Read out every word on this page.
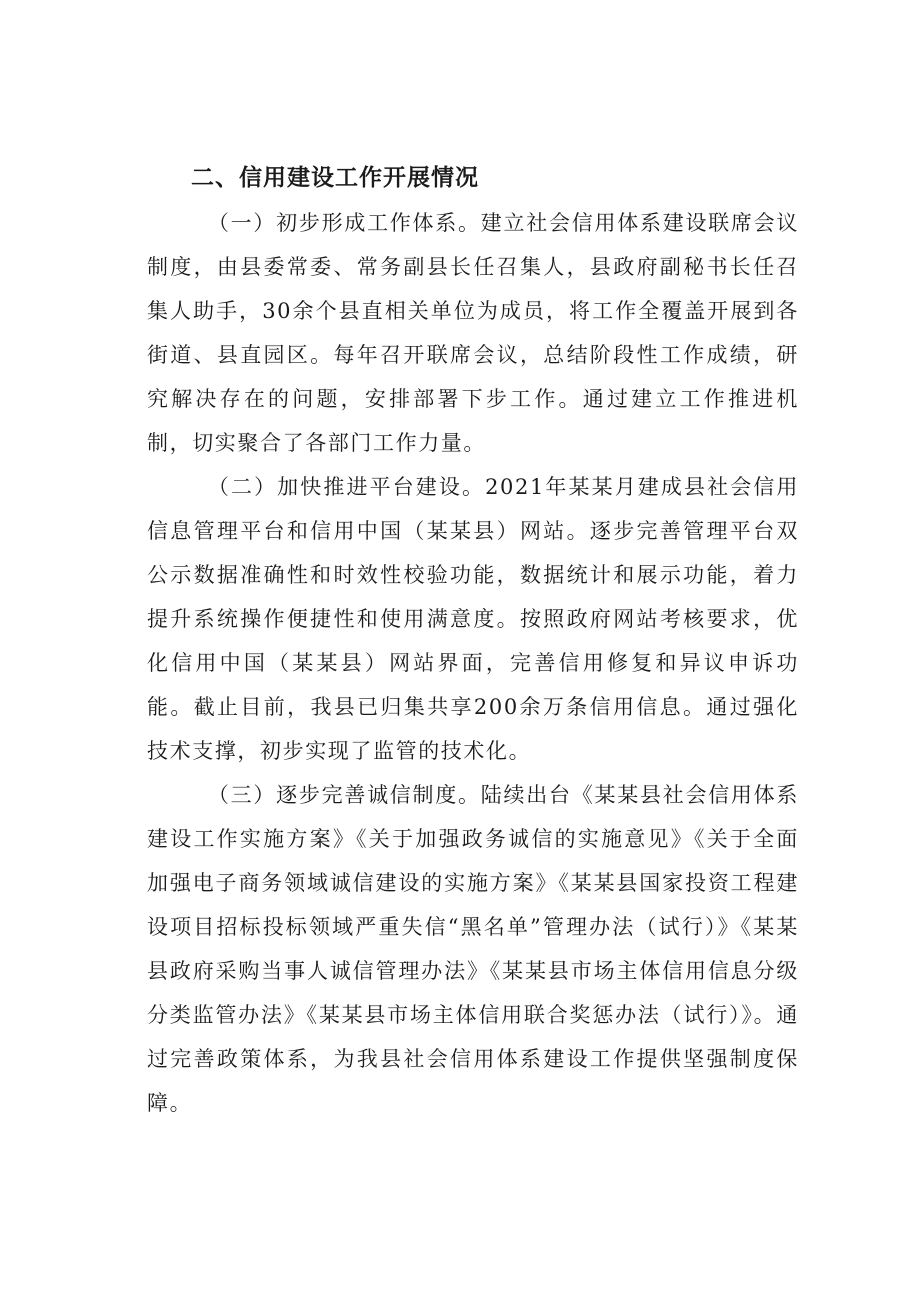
二、信用建设工作开展情况

（一）初步形成工作体系。建立社会信用体系建设联席会议制度，由县委常委、常务副县长任召集人，县政府副秘书长任召集人助手，30余个县直相关单位为成员，将工作全覆盖开展到各街道、县直园区。每年召开联席会议，总结阶段性工作成绩，研究解决存在的问题，安排部署下步工作。通过建立工作推进机制，切实聚合了各部门工作力量。

（二）加快推进平台建设。2021年某某月建成县社会信用信息管理平台和信用中国（某某县）网站。逐步完善管理平台双公示数据准确性和时效性校验功能，数据统计和展示功能，着力提升系统操作便捷性和使用满意度。按照政府网站考核要求，优化信用中国（某某县）网站界面，完善信用修复和异议申诉功能。截止目前，我县已归集共享200余万条信用信息。通过强化技术支撑，初步实现了监管的技术化。

（三）逐步完善诚信制度。陆续出台《某某县社会信用体系建设工作实施方案》《关于加强政务诚信的实施意见》《关于全面加强电子商务领域诚信建设的实施方案》《某某县国家投资工程建设项目招标投标领域严重失信“黑名单”管理办法（试行）》《某某县政府采购当事人诚信管理办法》《某某县市场主体信用信息分级分类监管办法》《某某县市场主体信用联合奖惩办法（试行）》。通过完善政策体系，为我县社会信用体系建设工作提供坚强制度保障。
